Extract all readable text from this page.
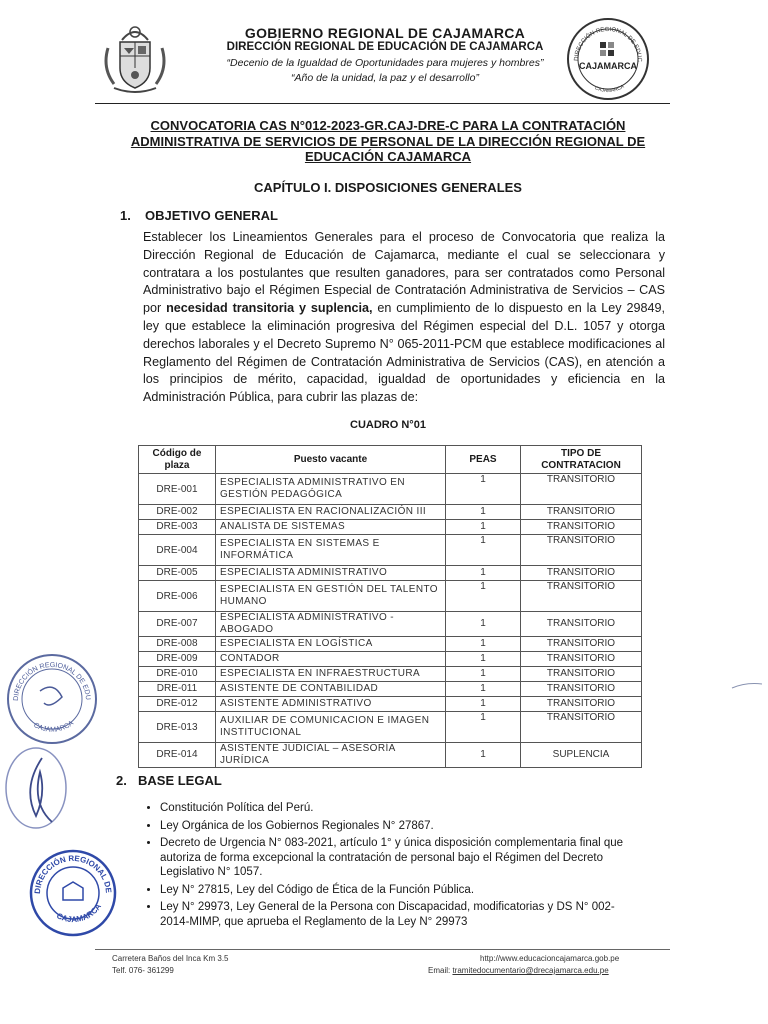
GOBIERNO REGIONAL DE CAJAMARCA
DIRECCIÓN REGIONAL DE EDUCACIÓN DE CAJAMARCA
“Decenio de la Igualdad de Oportunidades para mujeres y hombres”
“Año de la unidad, la paz y el desarrollo”
DIRECCIÓN REGIONAL DE EDUC
CAJAMARCA
CAJAMARCA
CONVOCATORIA CAS N°012-2023-GR.CAJ-DRE-C PARA LA CONTRATACIÓN ADMINISTRATIVA DE SERVICIOS DE PERSONAL DE LA DIRECCIÓN REGIONAL DE EDUCACIÓN CAJAMARCA
CAPÍTULO I. DISPOSICIONES GENERALES
1. OBJETIVO GENERAL
Establecer los Lineamientos Generales para el proceso de Convocatoria que realiza la Dirección Regional de Educación de Cajamarca, mediante el cual se seleccionara y contratara a los postulantes que resulten ganadores, para ser contratados como Personal Administrativo bajo el Régimen Especial de Contratación Administrativa de Servicios – CAS por necesidad transitoria y suplencia, en cumplimiento de lo dispuesto en la Ley 29849, ley que establece la eliminación progresiva del Régimen especial del D.L. 1057 y otorga derechos laborales y el Decreto Supremo N° 065-2011-PCM que establece modificaciones al Reglamento del Régimen de Contratación Administrativa de Servicios (CAS), en atención a los principios de mérito, capacidad, igualdad de oportunidades y eficiencia en la Administración Pública, para cubrir las plazas de:
CUADRO N°01
Código de plaza	Puesto vacante	PEAS	TIPO DE CONTRATACION
DRE-001	ESPECIALISTA ADMINISTRATIVO EN GESTIÓN PEDAGÓGICA	1	TRANSITORIO
DRE-002	ESPECIALISTA EN RACIONALIZACIÓN III	1	TRANSITORIO
DRE-003	ANALISTA DE SISTEMAS	1	TRANSITORIO
DRE-004	ESPECIALISTA EN SISTEMAS E INFORMÁTICA	1	TRANSITORIO
DRE-005	ESPECIALISTA ADMINISTRATIVO	1	TRANSITORIO
DRE-006	ESPECIALISTA EN GESTIÓN DEL TALENTO HUMANO	1	TRANSITORIO
DRE-007	ESPECIALISTA ADMINISTRATIVO - ABOGADO	1	TRANSITORIO
DRE-008	ESPECIALISTA EN LOGÍSTICA	1	TRANSITORIO
DRE-009	CONTADOR	1	TRANSITORIO
DRE-010	ESPECIALISTA EN INFRAESTRUCTURA	1	TRANSITORIO
DRE-011	ASISTENTE DE CONTABILIDAD	1	TRANSITORIO
DRE-012	ASISTENTE ADMINISTRATIVO	1	TRANSITORIO
DRE-013	AUXILIAR DE COMUNICACION E IMAGEN INSTITUCIONAL	1	TRANSITORIO
DRE-014	ASISTENTE JUDICIAL – ASESORÍA JURÍDICA	1	SUPLENCIA
2. BASE LEGAL
• Constitución Política del Perú.
• Ley Orgánica de los Gobiernos Regionales N° 27867.
• Decreto de Urgencia N° 083-2021, artículo 1° y única disposición complementaria final que autoriza de forma excepcional la contratación de personal bajo el Régimen del Decreto Legislativo N° 1057.
• Ley N° 27815, Ley del Código de Ética de la Función Pública.
• Ley N° 29973, Ley General de la Persona con Discapacidad, modificatorias y DS N° 002- 2014-MIMP, que aprueba el Reglamento de la Ley N° 29973
DIRECCIÓN REGIONAL DE EDU
CAJAMARCA
DIRECCIÓN REGIONAL DE
CAJAMARCA
Carretera Baños del Inca Km 3.5
Telf. 076- 361299
http://www.educacioncajamarca.gob.pe
Email: tramitedocumentario@drecajamarca.edu.pe
